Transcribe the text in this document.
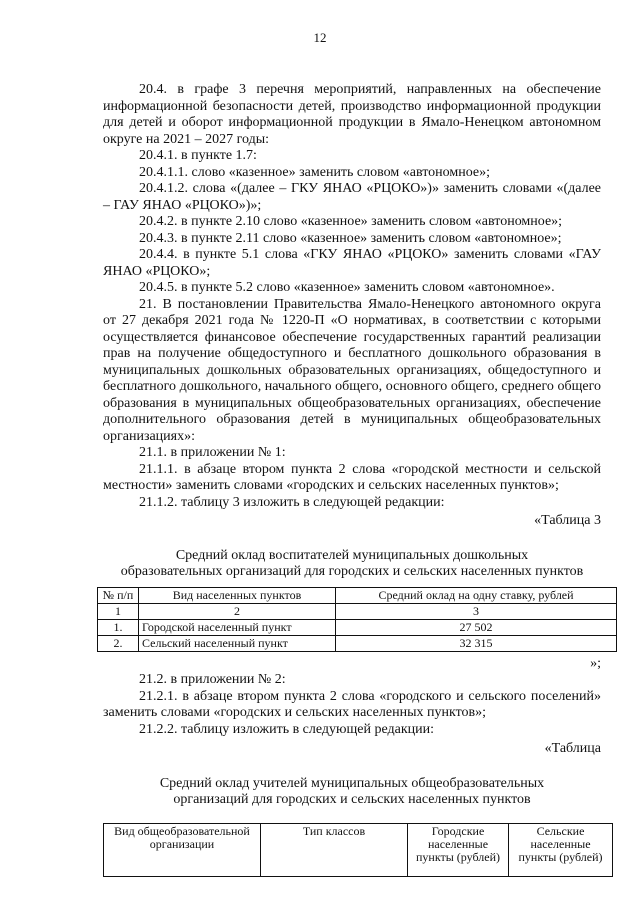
12

20.4. в графе 3 перечня мероприятий, направленных на обеспечение информационной безопасности детей, производство информационной продукции для детей и оборот информационной продукции в Ямало-Ненецком автономном округе на 2021 – 2027 годы:

20.4.1. в пункте 1.7:

20.4.1.1. слово «казенное» заменить словом «автономное»;

20.4.1.2. слова «(далее – ГКУ ЯНАО «РЦОКО»)» заменить словами «(далее – ГАУ ЯНАО «РЦОКО»)»;

20.4.2. в пункте 2.10 слово «казенное» заменить словом «автономное»;

20.4.3. в пункте 2.11 слово «казенное» заменить словом «автономное»;

20.4.4. в пункте 5.1 слова «ГКУ ЯНАО «РЦОКО» заменить словами «ГАУ ЯНАО «РЦОКО»;

20.4.5. в пункте 5.2 слово «казенное» заменить словом «автономное».

21. В постановлении Правительства Ямало-Ненецкого автономного округа от 27 декабря 2021 года № 1220-П «О нормативах, в соответствии с которыми осуществляется финансовое обеспечение государственных гарантий реализации прав на получение общедоступного и бесплатного дошкольного образования в муниципальных дошкольных образовательных организациях, общедоступного и бесплатного дошкольного, начального общего, основного общего, среднего общего образования в муниципальных общеобразовательных организациях, обеспечение дополнительного образования детей в муниципальных общеобразовательных организациях»:

21.1. в приложении № 1:

21.1.1. в абзаце втором пункта 2 слова «городской местности и сельской местности» заменить словами «городских и сельских населенных пунктов»;

21.1.2. таблицу 3 изложить в следующей редакции:

«Таблица 3

Средний оклад воспитателей муниципальных дошкольных

образовательных организаций для городских и сельских населенных пунктов

№ п/п	Вид населенных пунктов	Средний оклад на одну ставку, рублей
1	2	3
1.	Городской населенный пункт	27 502
2.	Сельский населенный пункт	32 315

»;

21.2. в приложении № 2:

21.2.1. в абзаце втором пункта 2 слова «городского и сельского поселений» заменить словами «городских и сельских населенных пунктов»;

21.2.2. таблицу изложить в следующей редакции:

«Таблица

Средний оклад учителей муниципальных общеобразовательных

организаций для городских и сельских населенных пунктов

Вид общеобразовательной организации	Тип классов	Городские населенные пункты (рублей)	Сельские населенные пункты (рублей)
